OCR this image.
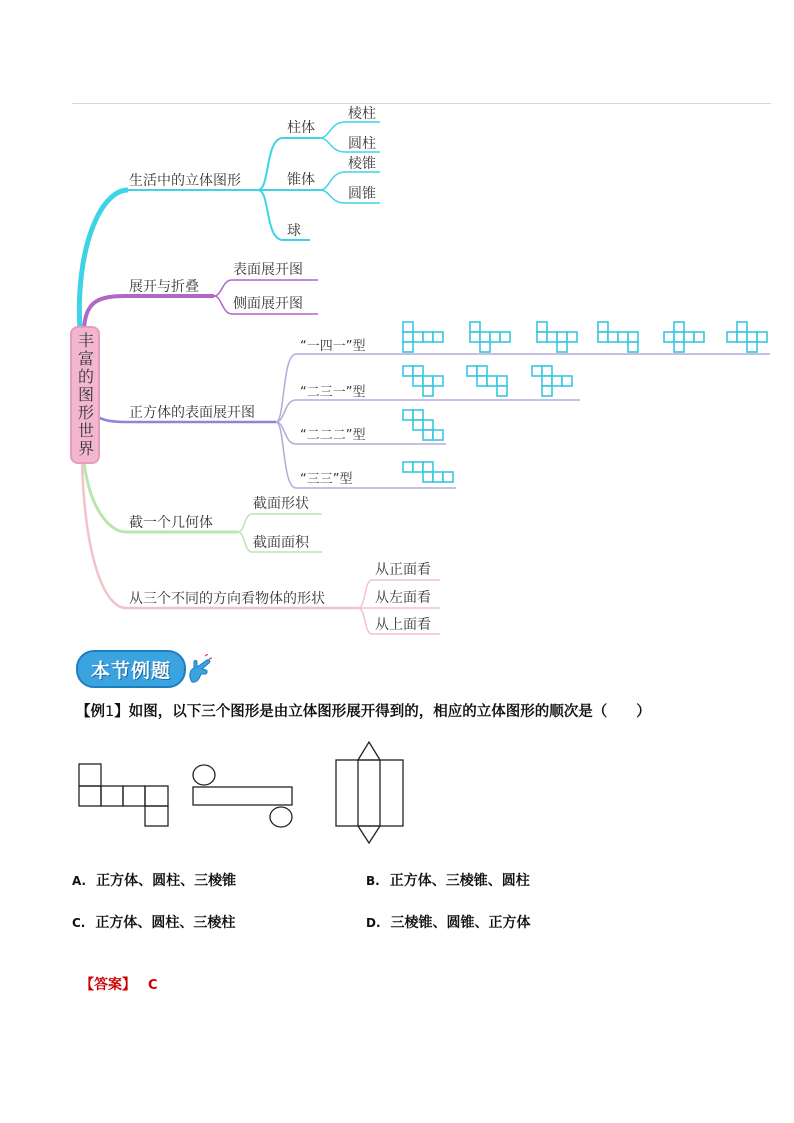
生活中的立体图形
柱体
棱柱
圆柱
锥体
棱锥
圆锥
球
展开与折叠
表面展开图
侧面展开图
正方体的表面展开图
“一四一”型
“二三一”型
“二二二”型
“三三”型
截一个几何体
截面形状
截面面积
从三个不同的方向看物体的形状
从正面看
从左面看
从上面看
丰富的图形世界
本节例题
【例1】如图，以下三个图形是由立体图形展开得到的，相应的立体图形的顺次是（　　）
A. 正方体、圆柱、三棱锥	B. 正方体、三棱锥、圆柱
C. 正方体、圆柱、三棱柱	D. 三棱锥、圆锥、正方体
【答案】 C
